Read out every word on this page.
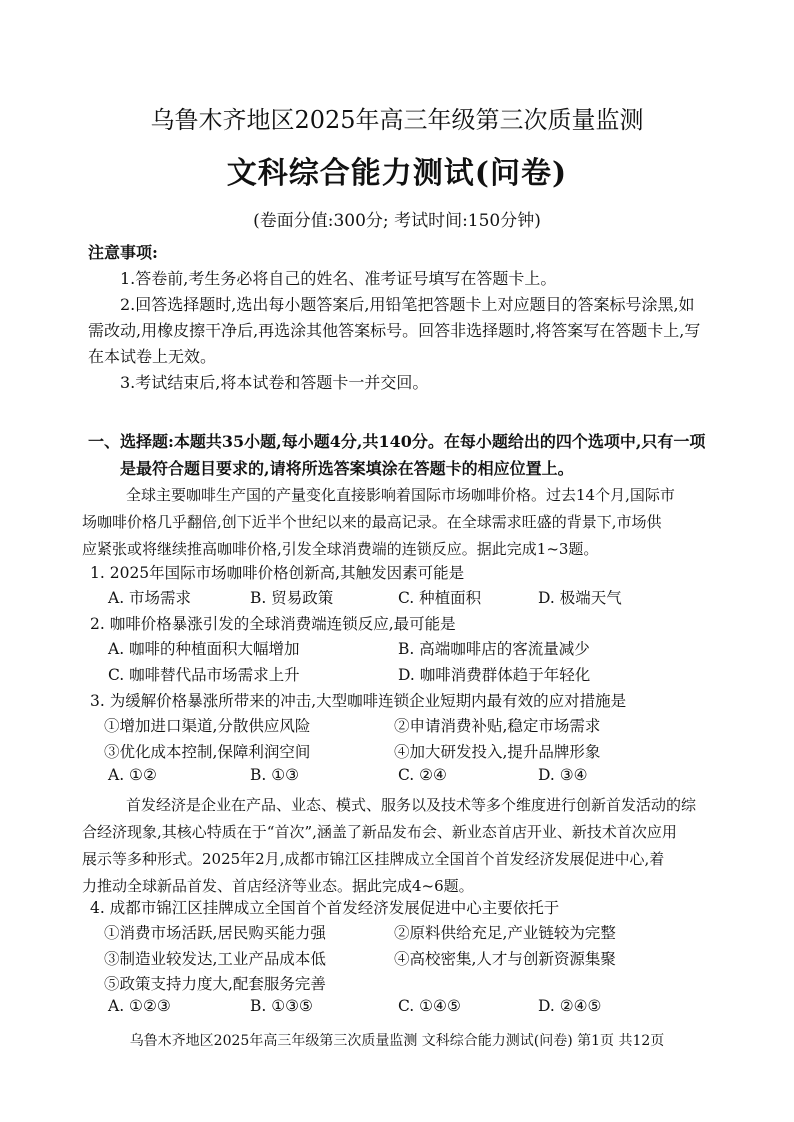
乌鲁木齐地区2025年高三年级第三次质量监测
文科综合能力测试(问卷)
(卷面分值:300分; 考试时间:150分钟)
注意事项:

1.答卷前,考生务必将自己的姓名、准考证号填写在答题卡上。

2.回答选择题时,选出每小题答案后,用铅笔把答题卡上对应题目的答案标号涂黑,如

需改动,用橡皮擦干净后,再选涂其他答案标号。回答非选择题时,将答案写在答题卡上,写

在本试卷上无效。

3.考试结束后,将本试卷和答题卡一并交回。

一、选择题:本题共35小题,每小题4分,共140分。在每小题给出的四个选项中,只有一项
是最符合题目要求的,请将所选答案填涂在答题卡的相应位置上。
全球主要咖啡生产国的产量变化直接影响着国际市场咖啡价格。过去14个月,国际市
场咖啡价格几乎翻倍,创下近半个世纪以来的最高记录。在全球需求旺盛的背景下,市场供
应紧张或将继续推高咖啡价格,引发全球消费端的连锁反应。据此完成1~3题。
1. 2025年国际市场咖啡价格创新高,其触发因素可能是
A. 市场需求	B. 贸易政策	C. 种植面积	D. 极端天气
2. 咖啡价格暴涨引发的全球消费端连锁反应,最可能是
A. 咖啡的种植面积大幅增加	B. 高端咖啡店的客流量减少
C. 咖啡替代品市场需求上升	D. 咖啡消费群体趋于年轻化
3. 为缓解价格暴涨所带来的冲击,大型咖啡连锁企业短期内最有效的应对措施是
①增加进口渠道,分散供应风险	②申请消费补贴,稳定市场需求
③优化成本控制,保障利润空间	④加大研发投入,提升品牌形象
A. ①②	B. ①③	C. ②④	D. ③④
首发经济是企业在产品、业态、模式、服务以及技术等多个维度进行创新首发活动的综
合经济现象,其核心特质在于“首次”,涵盖了新品发布会、新业态首店开业、新技术首次应用
展示等多种形式。2025年2月,成都市锦江区挂牌成立全国首个首发经济发展促进中心,着
力推动全球新品首发、首店经济等业态。据此完成4~6题。
4. 成都市锦江区挂牌成立全国首个首发经济发展促进中心主要依托于
①消费市场活跃,居民购买能力强	②原料供给充足,产业链较为完整
③制造业较发达,工业产品成本低	④高校密集,人才与创新资源集聚
⑤政策支持力度大,配套服务完善
A. ①②③	B. ①③⑤	C. ①④⑤	D. ②④⑤
乌鲁木齐地区2025年高三年级第三次质量监测 文科综合能力测试(问卷) 第1页 共12页
